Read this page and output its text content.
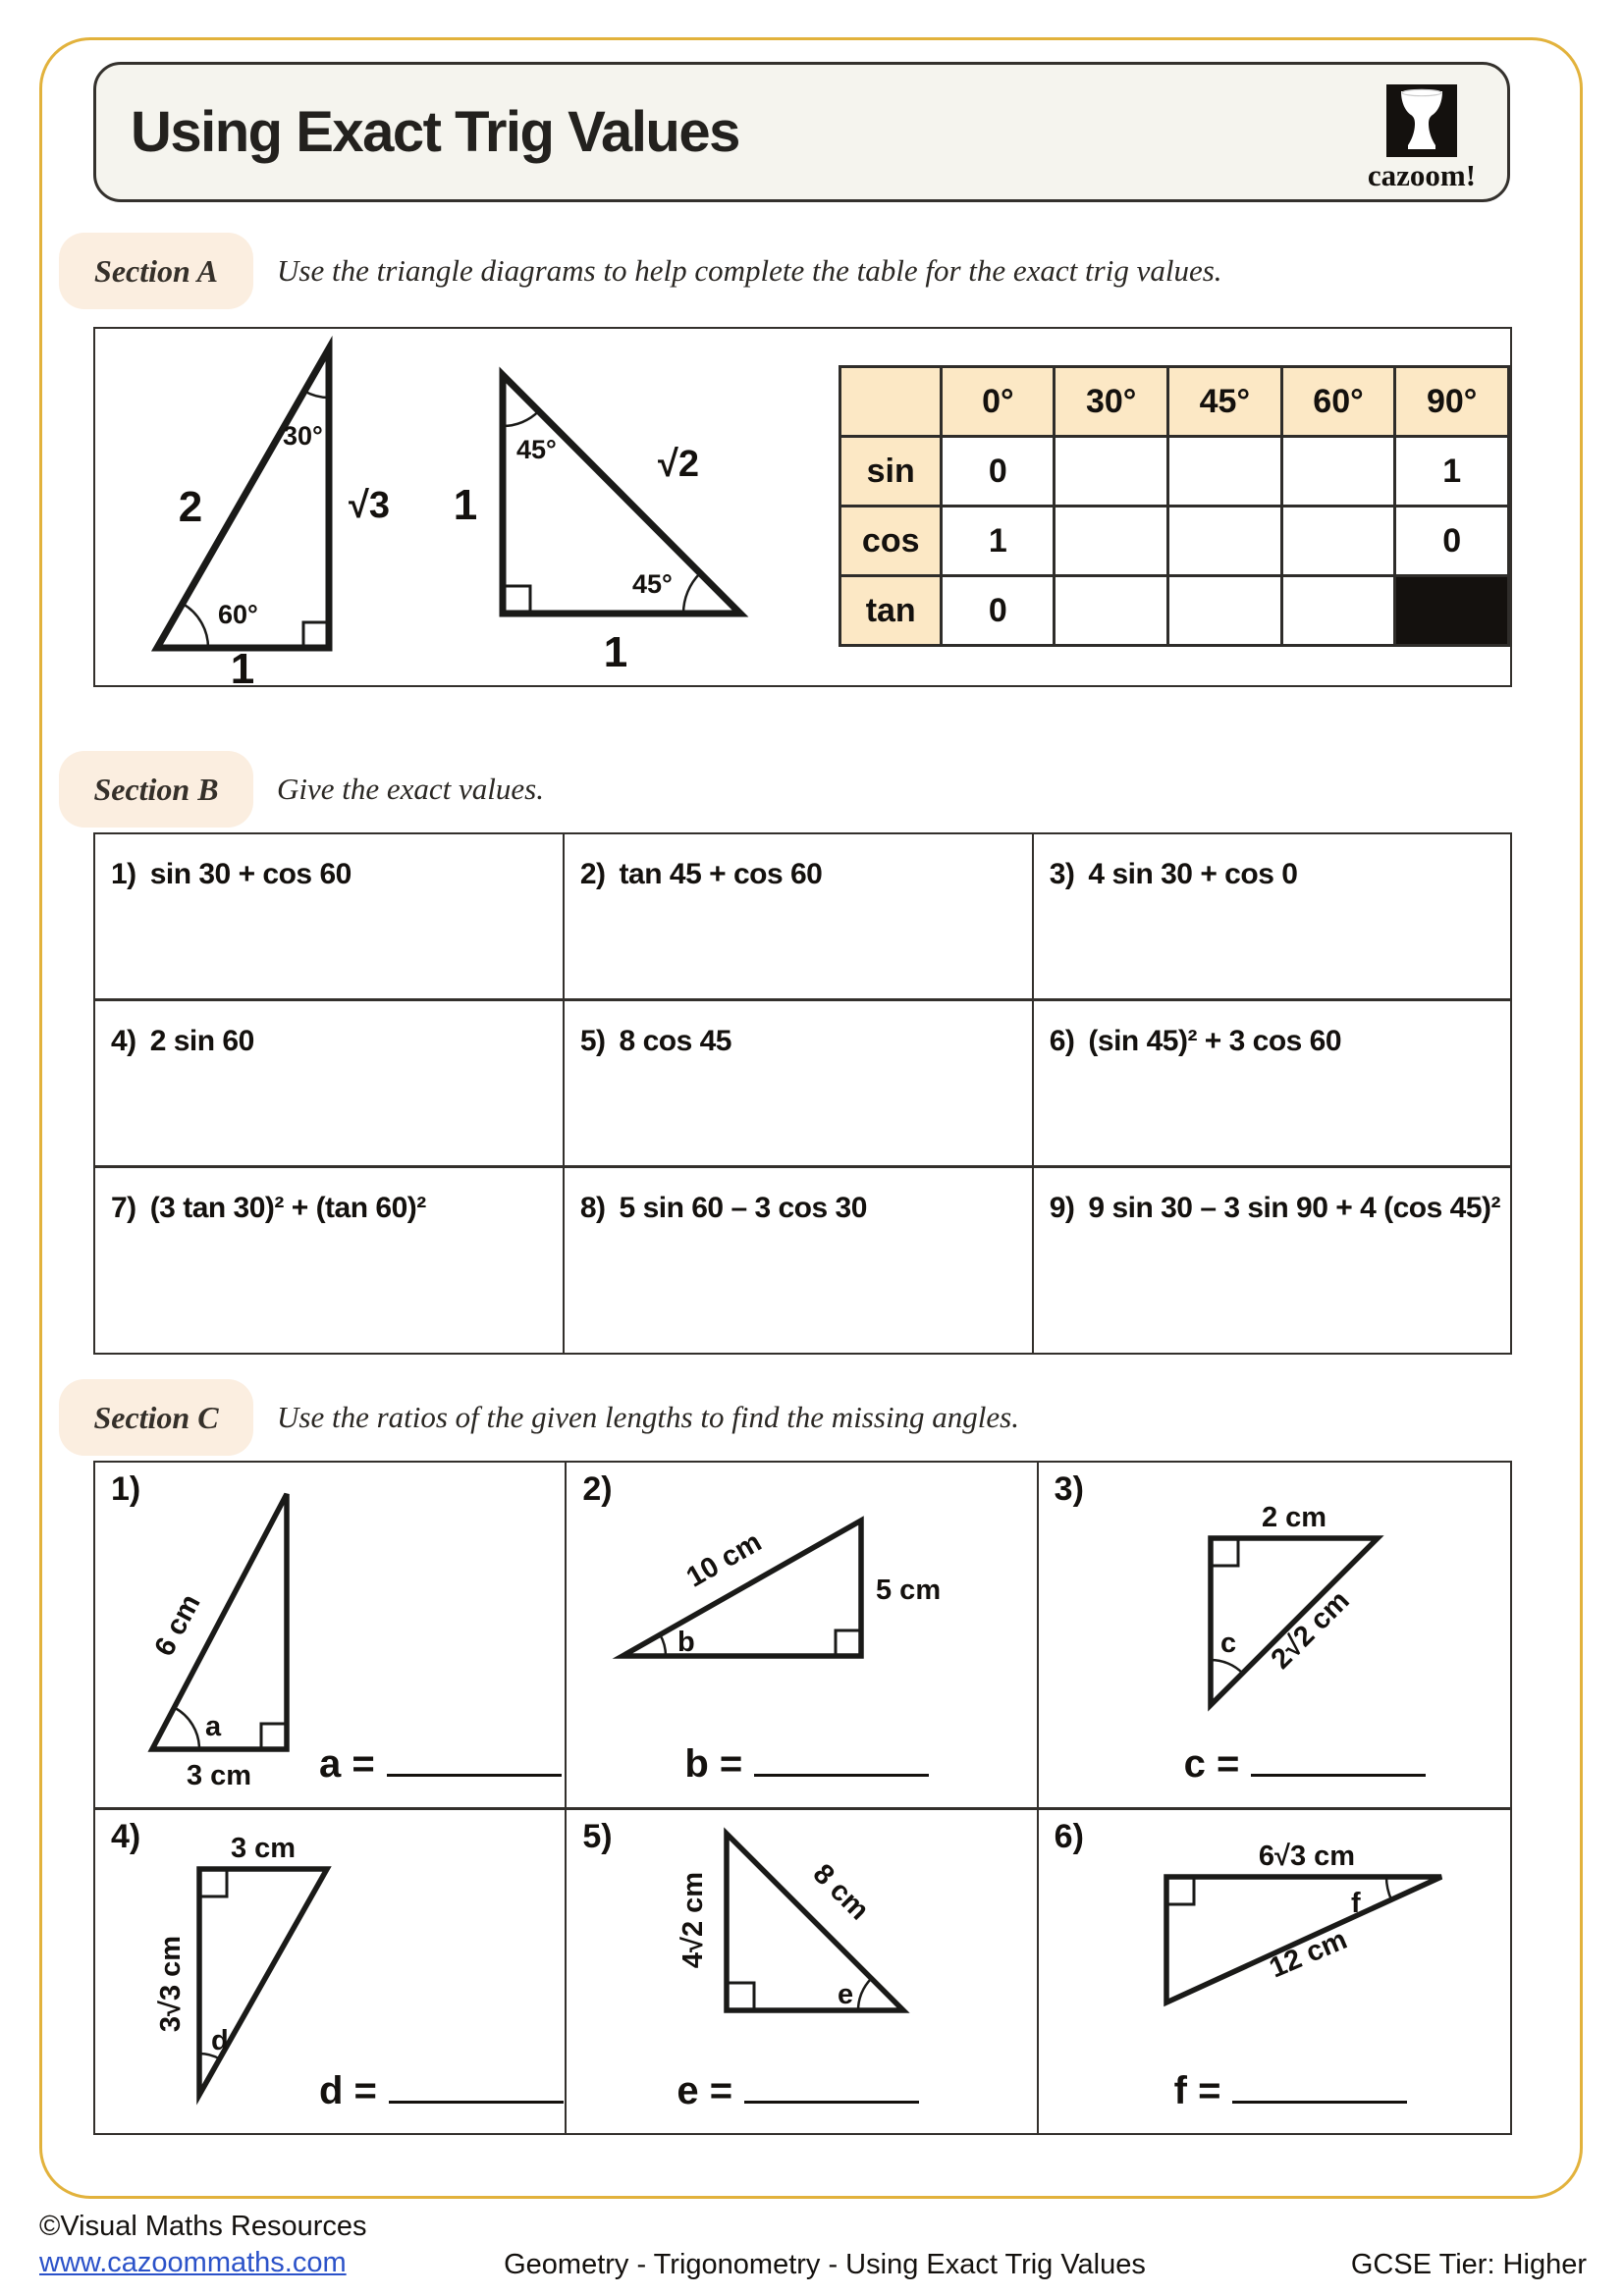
Using Exact Trig Values
cazoom!
Section A	Use the triangle diagrams to help complete the table for the exact trig values.
30°
60°
2	√3
1
45°
45°
1
√2
1
	0°	30°	45°	60°	90°
sin	0				1
cos	1				0
tan	0				
Section B	Give the exact values.
1) sin 30 + cos 60	2) tan 45 + cos 60	3) 4 sin 30 + cos 0
4) 2 sin 60	5) 8 cos 45	6) (sin 45)² + 3 cos 60
7) (3 tan 30)² + (tan 60)²	8) 5 sin 60 – 3 cos 30	9) 9 sin 30 – 3 sin 90 + 4 (cos 45)²
Section C	Use the ratios of the given lengths to find the missing angles.
1)
a
6 cm
3 cm a =
2)
b
10 cm	5 cm
b =
3)
c
2 cm
2√2 cm
c =
4)
d
3 cm
3√3 cm
d =
5)
e
4√2 cm	8 cm
e =
6)
f
6√3 cm
12 cm
f =
©Visual Maths Resources
www.cazoommaths.com	Geometry - Trigonometry - Using Exact Trig Values	GCSE Tier: Higher
